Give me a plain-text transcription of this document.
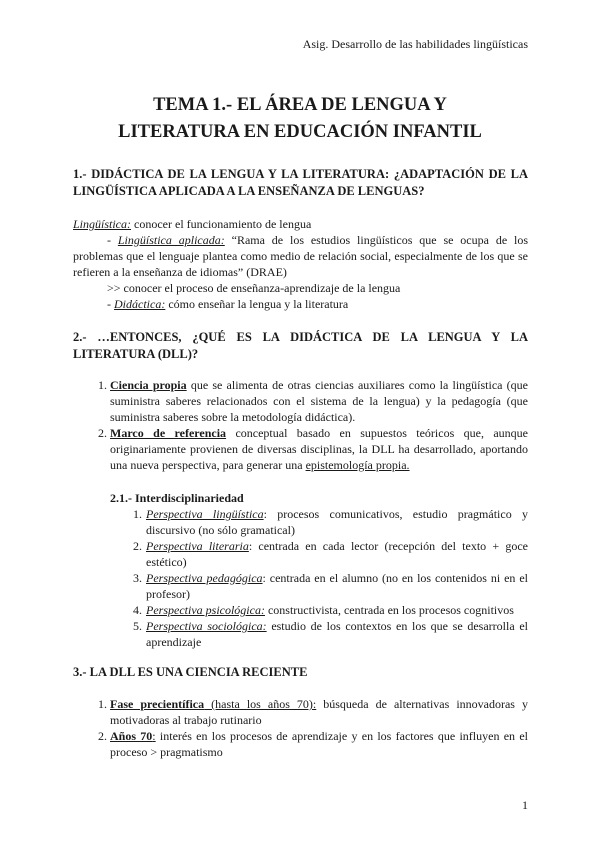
Asig. Desarrollo de las habilidades lingüísticas
TEMA 1.- EL ÁREA DE LENGUA Y
LITERATURA EN EDUCACIÓN INFANTIL
1.- DIDÁCTICA DE LA LENGUA Y LA LITERATURA: ¿ADAPTACIÓN DE LA LINGÜÍSTICA APLICADA A LA ENSEÑANZA DE LENGUAS?
Lingüística: conocer el funcionamiento de lengua
- Lingüística aplicada: “Rama de los estudios lingüísticos que se ocupa de los problemas que el lenguaje plantea como medio de relación social, especialmente de los que se refieren a la enseñanza de idiomas” (DRAE)
>> conocer el proceso de enseñanza-aprendizaje de la lengua
- Didáctica: cómo enseñar la lengua y la literatura
2.- …ENTONCES, ¿QUÉ ES LA DIDÁCTICA DE LA LENGUA Y LA LITERATURA (DLL)?
1. Ciencia propia que se alimenta de otras ciencias auxiliares como la lingüística (que suministra saberes relacionados con el sistema de la lengua) y la pedagogía (que suministra saberes sobre la metodología didáctica).
2. Marco de referencia conceptual basado en supuestos teóricos que, aunque originariamente provienen de diversas disciplinas, la DLL ha desarrollado, aportando una nueva perspectiva, para generar una epistemología propia.
2.1.- Interdisciplinariedad
1. Perspectiva lingüística: procesos comunicativos, estudio pragmático y discursivo (no sólo gramatical)
2. Perspectiva literaria: centrada en cada lector (recepción del texto + goce estético)
3. Perspectiva pedagógica: centrada en el alumno (no en los contenidos ni en el profesor)
4. Perspectiva psicológica: constructivista, centrada en los procesos cognitivos
5. Perspectiva sociológica: estudio de los contextos en los que se desarrolla el aprendizaje
3.- LA DLL ES UNA CIENCIA RECIENTE
1. Fase precientífica (hasta los años 70): búsqueda de alternativas innovadoras y motivadoras al trabajo rutinario
2. Años 70: interés en los procesos de aprendizaje y en los factores que influyen en el proceso > pragmatismo
1
